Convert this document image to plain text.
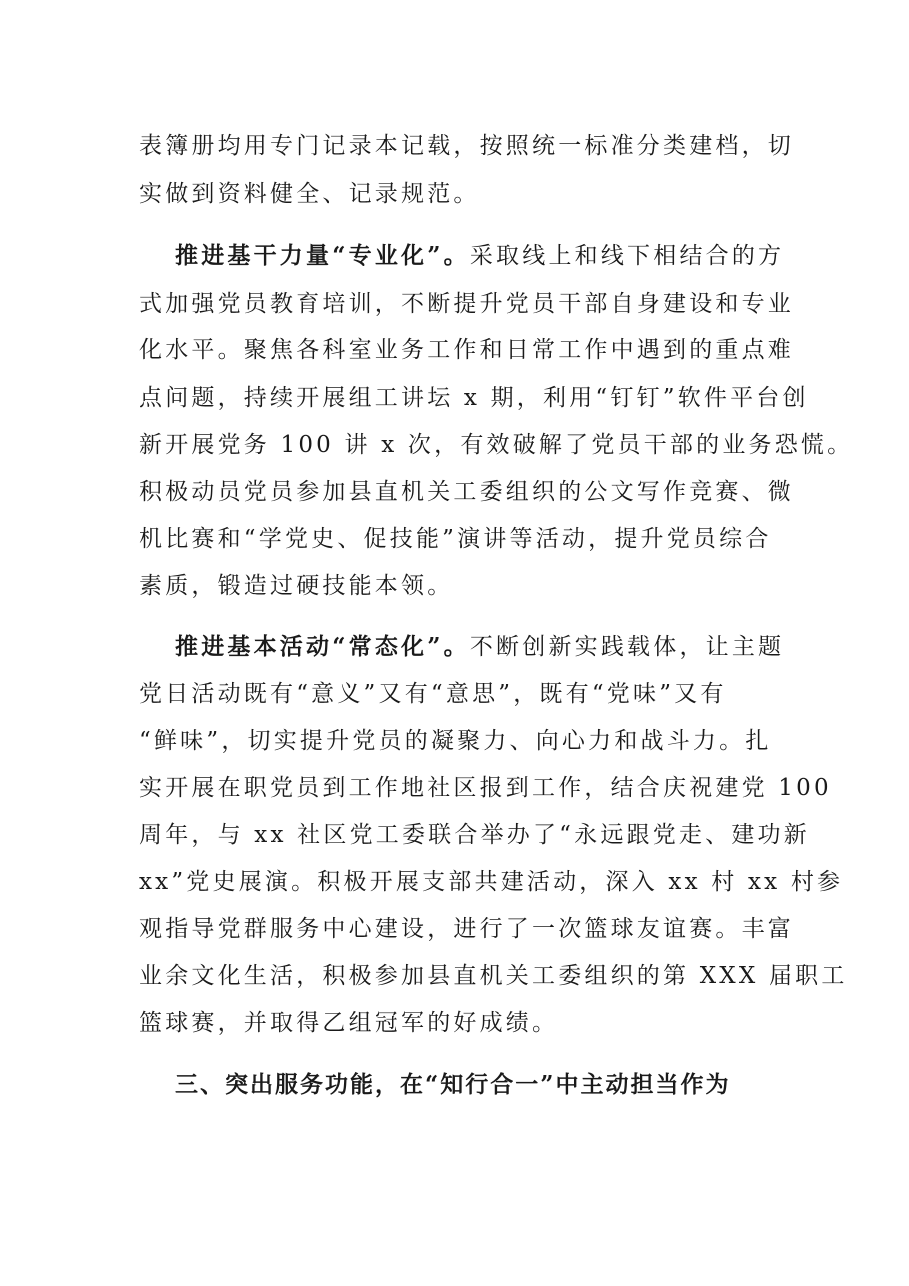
表簿册均用专门记录本记载，按照统一标准分类建档，切
实做到资料健全、记录规范。
推进基干力量“专业化”。采取线上和线下相结合的方
式加强党员教育培训，不断提升党员干部自身建设和专业
化水平。聚焦各科室业务工作和日常工作中遇到的重点难
点问题，持续开展组工讲坛 x 期，利用“钉钉”软件平台创
新开展党务 100 讲 x 次，有效破解了党员干部的业务恐慌。
积极动员党员参加县直机关工委组织的公文写作竞赛、微
机比赛和“学党史、促技能”演讲等活动，提升党员综合
素质，锻造过硬技能本领。
推进基本活动“常态化”。不断创新实践载体，让主题
党日活动既有“意义”又有“意思”，既有“党味”又有
“鲜味”，切实提升党员的凝聚力、向心力和战斗力。扎
实开展在职党员到工作地社区报到工作，结合庆祝建党 100
周年，与 xx 社区党工委联合举办了“永远跟党走、建功新
xx”党史展演。积极开展支部共建活动，深入 xx 村 xx 村参
观指导党群服务中心建设，进行了一次篮球友谊赛。丰富
业余文化生活，积极参加县直机关工委组织的第 XXX 届职工
篮球赛，并取得乙组冠军的好成绩。
三、突出服务功能，在“知行合一”中主动担当作为
